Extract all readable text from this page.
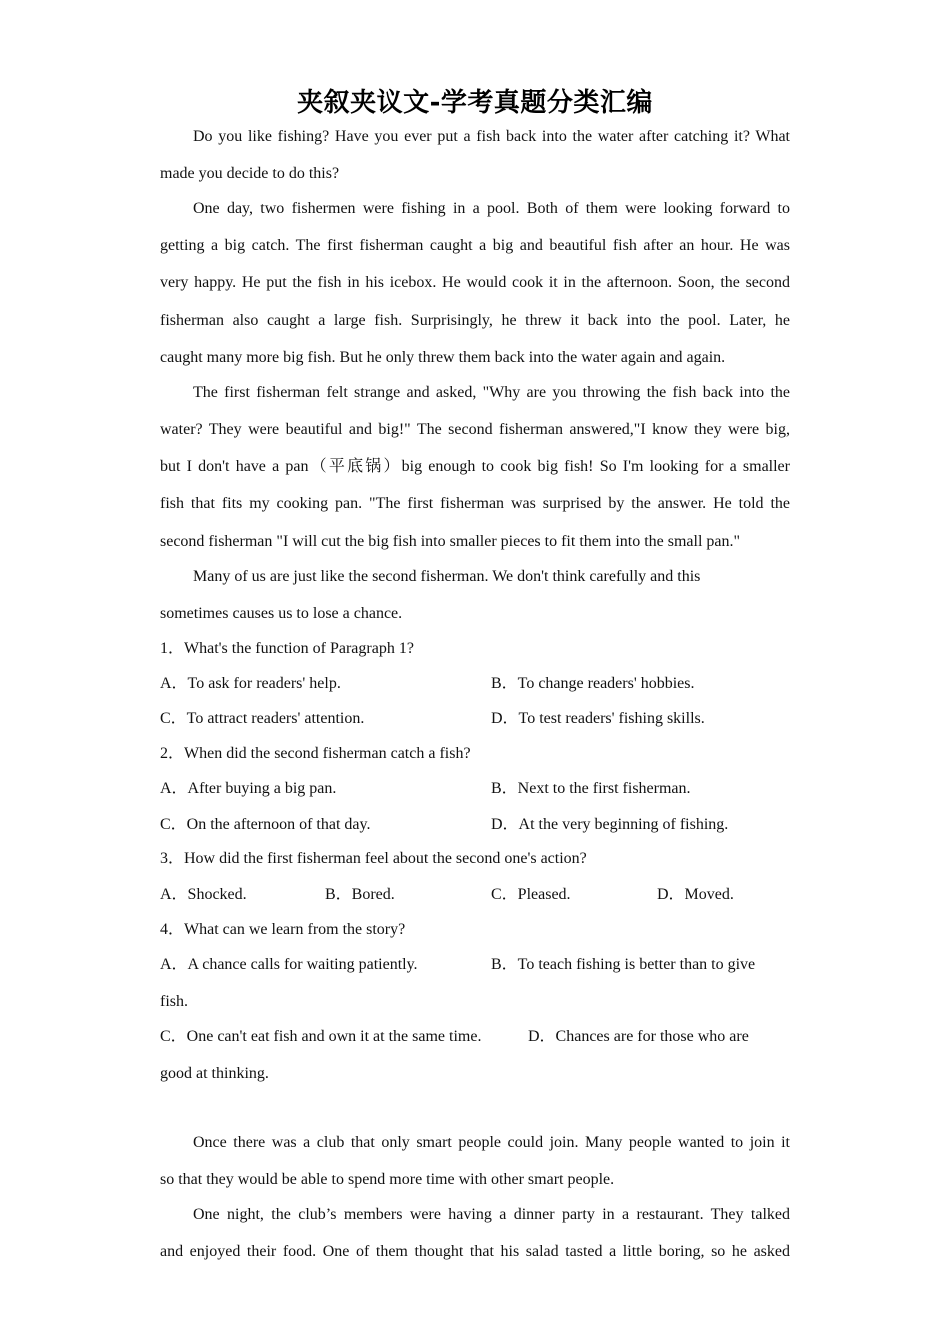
夹叙夹议文-学考真题分类汇编
Do you like fishing? Have you ever put a fish back into the water after catching it? What
made you decide to do this?
One day, two fishermen were fishing in a pool. Both of them were looking forward to
getting a big catch. The first fisherman caught a big and beautiful fish after an hour. He was
very happy. He put the fish in his icebox. He would cook it in the afternoon. Soon, the second
fisherman also caught a large fish. Surprisingly, he threw it back into the pool. Later, he
caught many more big fish. But he only threw them back into the water again and again.
The first fisherman felt strange and asked, "Why are you throwing the fish back into the
water? They were beautiful and big!" The second fisherman answered,"I know they were big,
but I don't have a pan（平底锅）big enough to cook big fish! So I'm looking for a smaller
fish that fits my cooking pan. "The first fisherman was surprised by the answer. He told the
second fisherman "I will cut the big fish into smaller pieces to fit them into the small pan."
Many of us are just like the second fisherman. We don't think carefully and this
sometimes causes us to lose a chance.
1．What's the function of Paragraph 1?
A．To ask for readers' help.	B．To change readers' hobbies.
C．To attract readers' attention.	D．To test readers' fishing skills.
2．When did the second fisherman catch a fish?
A．After buying a big pan.	B．Next to the first fisherman.
C．On the afternoon of that day.	D．At the very beginning of fishing.
3．How did the first fisherman feel about the second one's action?
A．Shocked.	B．Bored.	C．Pleased.	D．Moved.
4．What can we learn from the story?
A．A chance calls for waiting patiently.	B．To teach fishing is better than to give
fish.
C．One can't eat fish and own it at the same time.	D．Chances are for those who are
good at thinking.
Once there was a club that only smart people could join. Many people wanted to join it
so that they would be able to spend more time with other smart people.
One night, the club’s members were having a dinner party in a restaurant. They talked
and enjoyed their food. One of them thought that his salad tasted a little boring, so he asked
